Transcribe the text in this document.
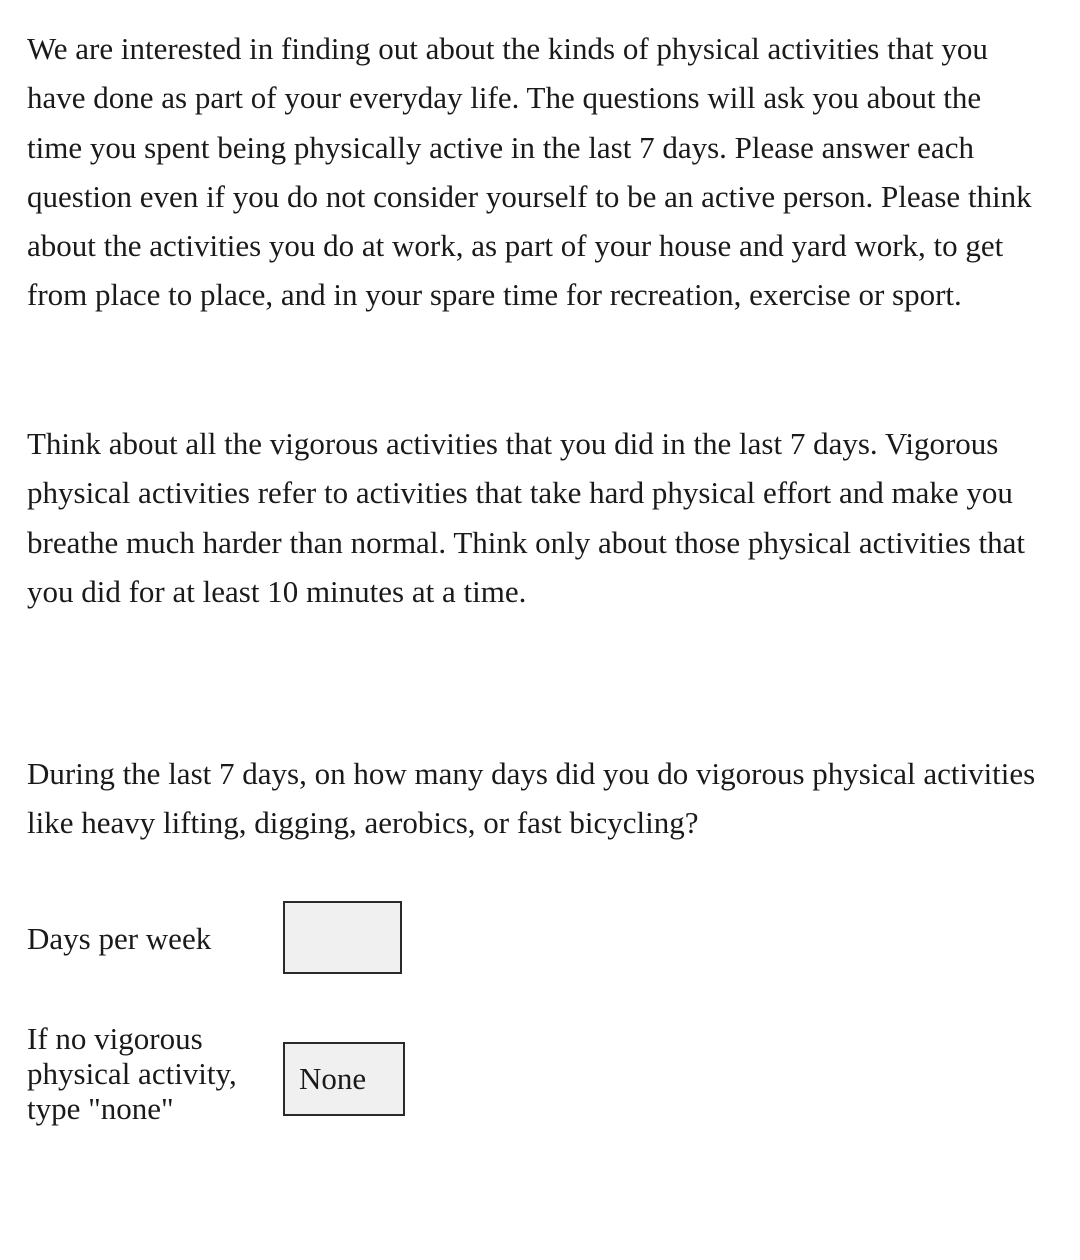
We are interested in finding out about the kinds of physical activities that you have done as part of your everyday life. The questions will ask you about the time you spent being physically active in the last 7 days. Please answer each question even if you do not consider yourself to be an active person. Please think about the activities you do at work, as part of your house and yard work, to get from place to place, and in your spare time for recreation, exercise or sport.

Think about all the vigorous activities that you did in the last 7 days. Vigorous physical activities refer to activities that take hard physical effort and make you breathe much harder than normal. Think only about those physical activities that you did for at least 10 minutes at a time.

During the last 7 days, on how many days did you do vigorous physical activities like heavy lifting, digging, aerobics, or fast bicycling?

Days per week

If no vigorous physical activity, type "none"

None
